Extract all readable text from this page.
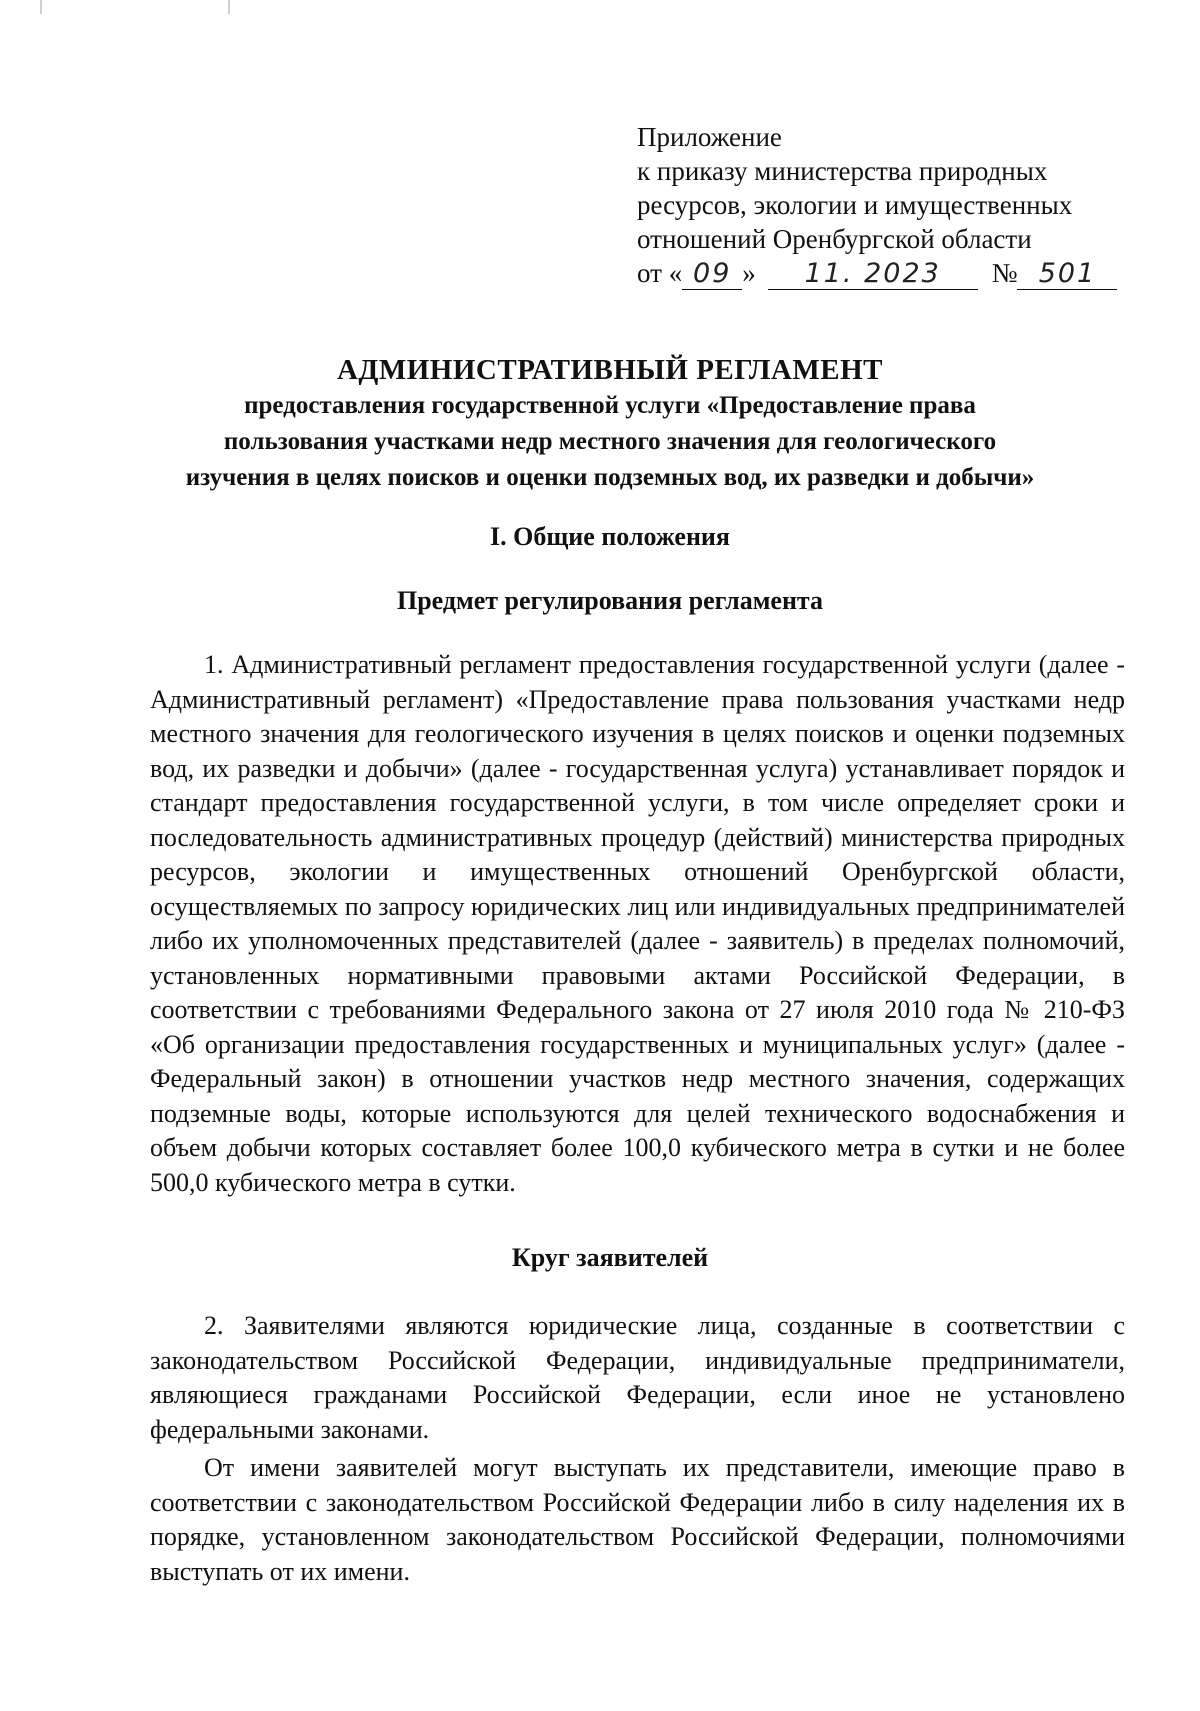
Приложение
к приказу министерства природных
ресурсов, экологии и имущественных
отношений Оренбургской области
от « 09 » 11. 2023 № 501
АДМИНИСТРАТИВНЫЙ РЕГЛАМЕНТ
предоставления государственной услуги «Предоставление права
пользования участками недр местного значения для геологического
изучения в целях поисков и оценки подземных вод, их разведки и добычи»
I. Общие положения
Предмет регулирования регламента

1. Административный регламент предоставления государственной услуги (далее - Административный регламент) «Предоставление права пользования участками недр местного значения для геологического изучения в целях поисков и оценки подземных вод, их разведки и добычи» (далее - государственная услуга) устанавливает порядок и стандарт предоставления государственной услуги, в том числе определяет сроки и последовательность административных процедур (действий) министерства природных ресурсов, экологии и имущественных отношений Оренбургской области, осуществляемых по запросу юридических лиц или индивидуальных предпринимателей либо их уполномоченных представителей (далее - заявитель) в пределах полномочий, установленных нормативными правовыми актами Российской Федерации, в соответствии с требованиями Федерального закона от 27 июля 2010 года № 210-ФЗ «Об организации предоставления государственных и муниципальных услуг» (далее - Федеральный закон) в отношении участков недр местного значения, содержащих подземные воды, которые используются для целей технического водоснабжения и объем добычи которых составляет более 100,0 кубического метра в сутки и не более 500,0 кубического метра в сутки.

Круг заявителей

2. Заявителями являются юридические лица, созданные в соответствии с законодательством Российской Федерации, индивидуальные предприниматели, являющиеся гражданами Российской Федерации, если иное не установлено федеральными законами.

От имени заявителей могут выступать их представители, имеющие право в соответствии с законодательством Российской Федерации либо в силу наделения их в порядке, установленном законодательством Российской Федерации, полномочиями выступать от их имени.
